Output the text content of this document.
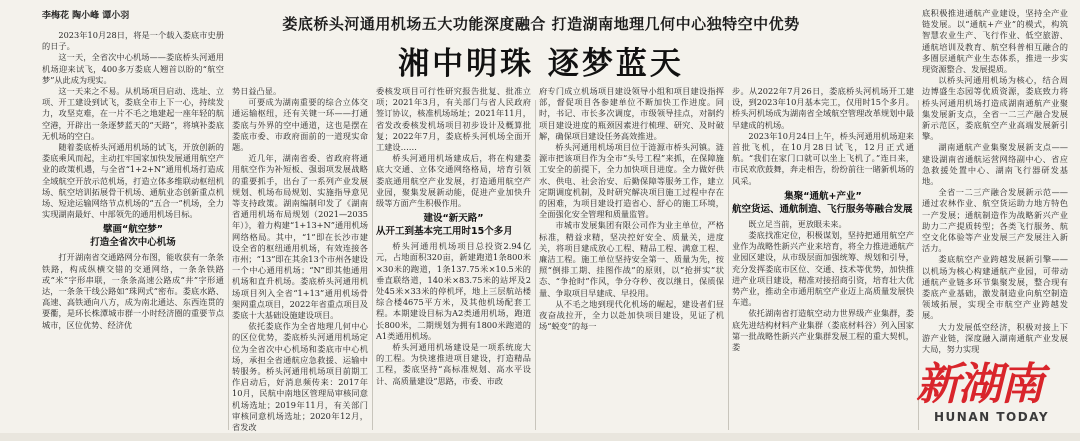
李梅花 陶小峰 谭小羽	娄底桥头河通用机场五大功能深度融合 打造湖南地理几何中心独特空中优势
湘中明珠 逐梦蓝天

2023年10月28日，将是一个载入娄底市史册的日子。

这一天，全省次中心机场——娄底桥头河通用机场迎来试飞，400多万娄底人翘首以盼的“航空梦”从此成为现实。

这一天来之不易。从机场项目启动、选址、立项、开工建设到试飞，娄底全市上下一心，持续发力，攻坚克难，在一片不毛之地建起一座年轻的航空港，开辟出一条逐梦蓝天的“天路”，将填补娄底无机场的空白。

随着娄底桥头河通用机场的试飞，开放创新的娄底乘风而起，主动扛牢国家加快发展通用航空产业的政策机遇，与全省“1+2+N”通用机场打造成全域航空开放示范机场，打造立体多维联动枢纽机场、航空培训拓展骨干机场、通航业态创新重点机场、短途运输网络节点机场的“五合一”机场，全力实现湖南最好、中部领先的通用机场目标。

擘画“航空梦”
打造全省次中心机场

打开湖南省交通路网分布图，能收获有一条条铁路，构成纵横交错的交通网络，一条条铁路或“米”字形串联，一条条高速公路成“井”字形通达，一条条干线公路如“珠网式”密布。娄底水路、高速、高铁通向八方，成为南北通达、东西连贯的要衢，是环长株潭城市群一小时经济圈的重要节点城市，区位优势、经济优

势日益凸显。

可要成为湖南重要的综合立体交通运输枢纽，还有关键一环——打通娄底与外界的空中通道，这也是摆在娄底市委、市政府面前的一道现实命题。

近几年，湖南省委、省政府将通用航空作为补短板、强弱项发展战略的重要抓手，出台了一系列产业发展规划、机场布局规划、实施指导意见等支持政策。湖南编制印发了《湖南省通用机场布局规划（2021—2035年）》，着力构建“1+13+N”通用机场网络格局。其中，“1”即在长沙市建设全省的枢纽通用机场，有效连接各市州；“13”即在其余13个市州各建设一个中心通用机场；“N”即其他通用机场和直升机场。娄底桥头河通用机场项目列入全省“1+13”通用机场骨架网重点项目，2022年省重点项目及娄底十大基础设施建设项目。

依托娄底作为全省地理几何中心的区位优势，娄底桥头河通用机场定位为全省次中心机场和娄底市中心机场，承担全省通航应急救援、运输中转服务。桥头河通用机场项目前期工作启动后，好消息频传来：2017年10月，民航中南地区管理局审核同意机场选址；2019年11月，有关部门审核同意机场选址；2020年12月，省发改

委核发项目可行性研究报告批复、批准立项；2021年3月，有关部门与省人民政府签订协议，核准机场场址；2021年11月，省发改委核发机场项目初步设计及概算批复；2022年7月，娄底桥头河机场全面开工建设……

桥头河通用机场建成后，将在构建娄底大交通、立体交通网络格局，培育引领娄底通用航空产业发展，打造通用航空产业园，聚集发展新动能，促进产业加快升级等方面产生积极作用。

建设“新天路”
从开工到基本完工用时15个多月

桥头河通用机场项目总投资2.94亿元，占地面积320亩，新建跑道1条800米×30米的跑道，1条137.75米×10.5米的垂直联络道，140米×83.75米的站坪及2处45米×33米的停机坪，地上三层航站楼综合楼4675平方米，及其他机场配套工程。本期建设目标为A2类通用机场，跑道长800米，二期规划为拥有1800米跑道的A1类通用机场。

桥头河通用机场建设是一项系统庞大的工程。为快速推进项目建设，打造精品工程，娄底坚持“高标准规划、高水平设计、高质量建设”思路，市委、市政

府专门成立机场项目建设领导小组和项目建设指挥部，督促项目各参建单位不断加快工作进度。同时，书记、市长多次调度，市级领导挂点，对制约项目建设进度的瓶颈因素进行梳理、研究、及时破解，确保项目建设任务高效推进。

桥头河通用机场项目位于涟源市桥头河镇。涟源市把该项目作为全市“头号工程”来抓，在保障施工安全的前提下，全力加快项目进度。全力做好供水、供电、社会治安、后勤保障等服务工作，建立定期调度机制，及时研究解决项目施工过程中存在的困难，为项目建设打造省心、舒心的施工环境，全面强化安全管理和质量监管。

市城市发展集团有限公司作为业主单位，严格标准，精益求精，坚决控好安全、质量关，进度关，将项目建成放心工程、精品工程、满意工程、廉洁工程。施工单位坚持安全第一、质量为先，按照“倒排工期、挂图作战”的原则，以“抢拼实”状态、“争抢时”作风，争分夺秒、夜以继日，保质保量、争取项目早建成、早投用。

从不毛之地到现代化机场的崛起，建设者们昼夜奋战拉开，全力以赴加快项目建设，见证了机场“蜕变”的每一

步。从2022年7月26日，娄底桥头河机场开工建设，到2023年10月基本完工，仅用时15个多月。桥头河机场成为湖南省全域航空管理改革规划中最早建成的机场。

2023年10月24日上午，桥头河通用机场迎来首批飞机，在10月28日试飞，12月正式通航。“我们在家门口就可以坐上飞机了。”连日来，市民欢欣鼓舞，奔走相告，纷纷前往一睹新机场的风采。

集聚“通航+产业”
航空货运、通航制造、飞行服务等融合发展

既立足当前，更放眼未来。

娄底找准定位，积极谋划，坚持把通用航空产业作为战略性新兴产业来培育，将全力推进通航产业园区建设，从市级层面加强统筹、规划和引导，充分发挥娄底市区位、交通、技术等优势，加快推进产业项目建设，精准对接招商引资，培育壮大优势产业，推动全市通用航空产业迈上高质量发展快车道。

依托湖南省打造航空动力世界级产业集群，娄底先进结构材料产业集群（娄底材料谷）列入国家第一批战略性新兴产业集群发展工程的重大契机，娄

底积极推进通航产业建设，坚持全产业链发展。以“通航+产业”的模式，构筑智慧农业生产、飞行作业、低空旅游、通航培训及教育、航空科普相互融合的多圈层通航产业生态体系，推进一步实现资源整合、发展提质。

以桥头河通用机场为核心，结合周边博盛生态园等优质资源，娄底致力将桥头河通用机场打造成湖南通航产业聚集发展新支点，全省一二三产融合发展新示范区，娄底航空产业高端发展新引擎。

湖南通航产业集聚发展新支点——建设湖南省通航运营网络副中心、省应急救援处置中心、湖南飞行器研发基地。

全省一二三产融合发展新示范——通过农林作业、航空货运助力地方特色一产发展；通航制造作为战略新兴产业助力二产提质转型；各类飞行服务、航空文化体验等产业发展三产发展注入新活力。

娄底航空产业跨越发展新引擎——以机场为核心构建通航产业园，可带动通航产业链多环节集聚发展，整合现有娄底产业基础，激发制造业向航空制造领域拓展，实现全市航空产业跨越发展。

大力发展低空经济，积极对接上下游产业链，深度融入湖南通航产业发展大局，努力实现

新湖南
HUNAN TODAY
